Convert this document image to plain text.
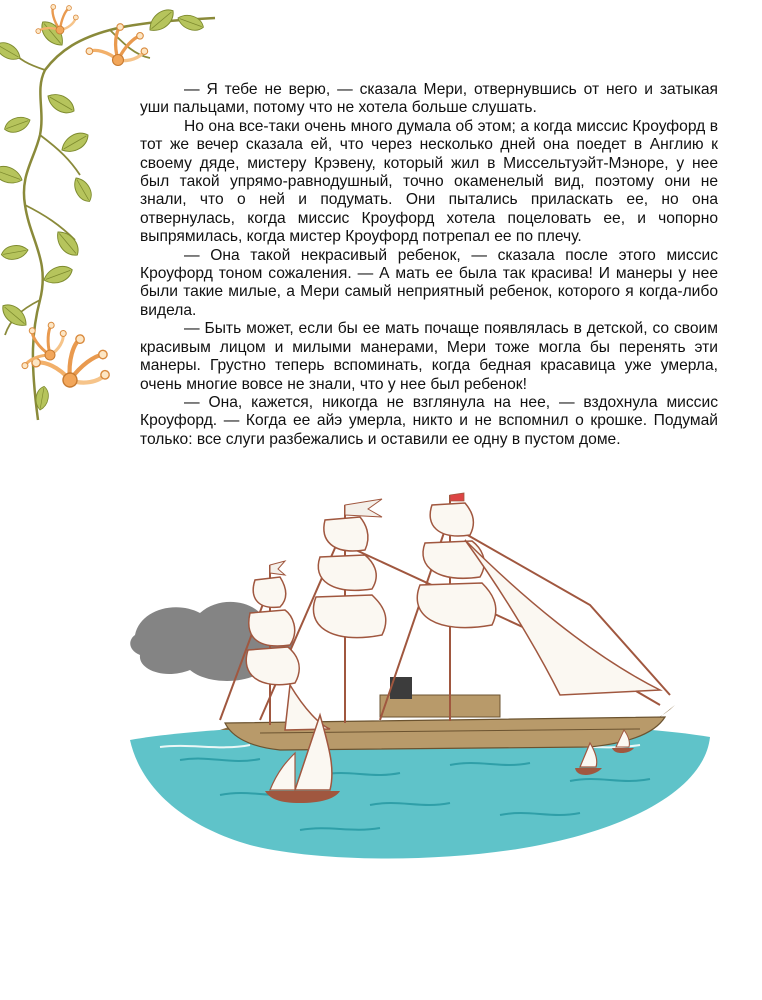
— Я тебе не верю, — сказала Мери, отвернувшись от него и затыкая уши пальцами, потому что не хотела больше слушать.

Но она все-таки очень много думала об этом; а когда миссис Кроуфорд в тот же вечер сказала ей, что через несколько дней она поедет в Англию к своему дяде, мистеру Крэвену, который жил в Миссельтуэйт-Мэноре, у нее был такой упрямо-равнодушный, точно окаменелый вид, поэтому они не знали, что о ней и подумать. Они пытались приласкать ее, но она отвернулась, когда миссис Кроуфорд хотела поцеловать ее, и чопорно выпрямилась, когда мистер Кроуфорд потрепал ее по плечу.

— Она такой некрасивый ребенок, — сказала после этого миссис Кроуфорд тоном сожаления. — А мать ее была так красива! И манеры у нее были такие милые, а Мери самый неприятный ребенок, которого я когда-либо видела.

— Быть может, если бы ее мать почаще появлялась в детской, со своим красивым лицом и милыми манерами, Мери тоже могла бы перенять эти манеры. Грустно теперь вспоминать, когда бедная красавица уже умерла, очень многие вовсе не знали, что у нее был ребенок!

— Она, кажется, никогда не взглянула на нее, — вздохнула миссис Кроуфорд. — Когда ее айэ умерла, никто и не вспомнил о крошке. Подумай только: все слуги разбежались и оставили ее одну в пустом доме.
